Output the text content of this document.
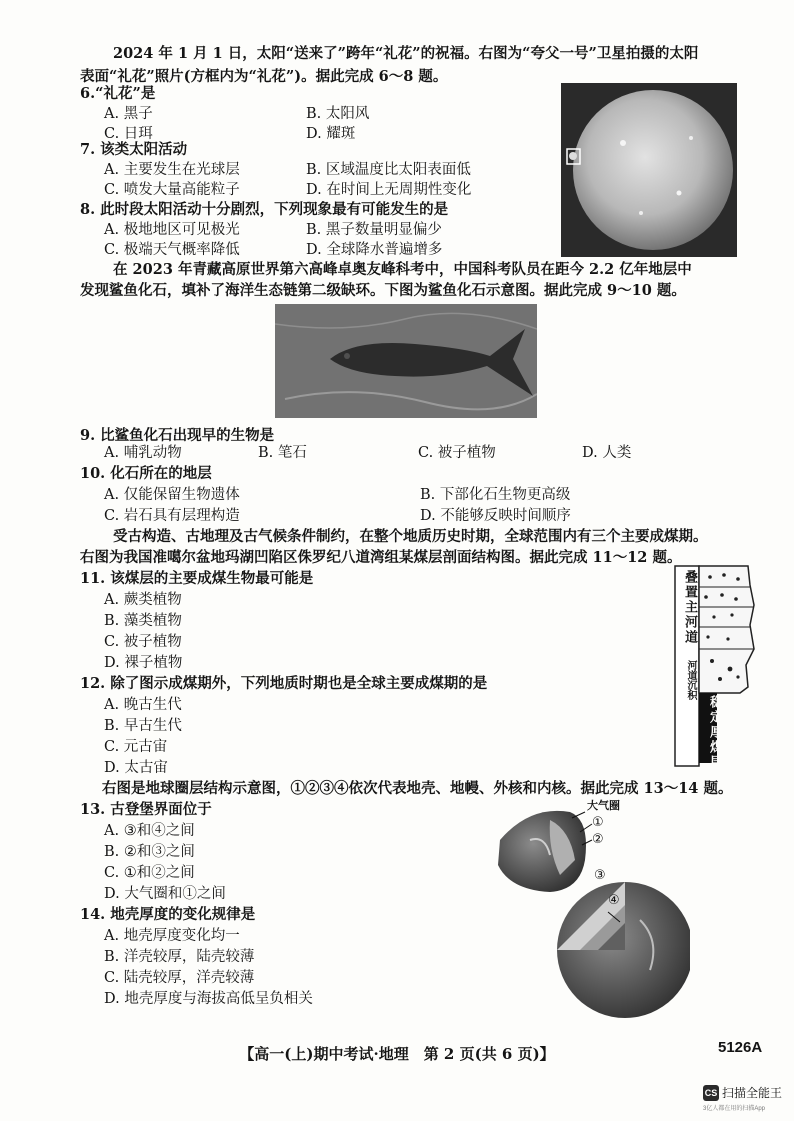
2024 年 1 月 1 日，太阳“送来了”跨年“礼花”的祝福。右图为“夸父一号”卫星拍摄的太阳
表面“礼花”照片(方框内为“礼花”)。据此完成 6～8 题。
6.“礼花”是
A. 黑子	B. 太阳风
C. 日珥	D. 耀斑
7. 该类太阳活动
A. 主要发生在光球层	B. 区域温度比太阳表面低
C. 喷发大量高能粒子	D. 在时间上无周期性变化
8. 此时段太阳活动十分剧烈，下列现象最有可能发生的是
A. 极地地区可见极光	B. 黑子数量明显偏少
C. 极端天气概率降低	D. 全球降水普遍增多
在 2023 年青藏高原世界第六高峰卓奥友峰科考中，中国科考队员在距今 2.2 亿年地层中
发现鲨鱼化石，填补了海洋生态链第二级缺环。下图为鲨鱼化石示意图。据此完成 9～10 题。
9. 比鲨鱼化石出现早的生物是
A. 哺乳动物	B. 笔石	C. 被子植物	D. 人类
10. 化石所在的地层
A. 仅能保留生物遗体	B. 下部化石生物更高级
C. 岩石具有层理构造	D. 不能够反映时间顺序
受古构造、古地理及古气候条件制约，在整个地质历史时期，全球范围内有三个主要成煤期。
右图为我国准噶尔盆地玛湖凹陷区侏罗纪八道湾组某煤层剖面结构图。据此完成 11～12 题。
11. 该煤层的主要成煤生物最可能是
A. 蕨类植物
B. 藻类植物
C. 被子植物
D. 裸子植物
叠置主河道
河道沉积
稳定厚煤层
12. 除了图示成煤期外，下列地质时期也是全球主要成煤期的是
A. 晚古生代
B. 早古生代
C. 元古宙
D. 太古宙
右图是地球圈层结构示意图，①②③④依次代表地壳、地幔、外核和内核。据此完成 13～14 题。
13. 古登堡界面位于
A. ③和④之间
B. ②和③之间
C. ①和②之间
D. 大气圈和①之间
大气圈
①
②
③
④
14. 地壳厚度的变化规律是
A. 地壳厚度变化均一
B. 洋壳较厚，陆壳较薄
C. 陆壳较厚，洋壳较薄
D. 地壳厚度与海拔高低呈负相关
【高一(上)期中考试·地理　第 2 页(共 6 页)】	5126A
CS 扫描全能王
3亿人都在用的扫描App
